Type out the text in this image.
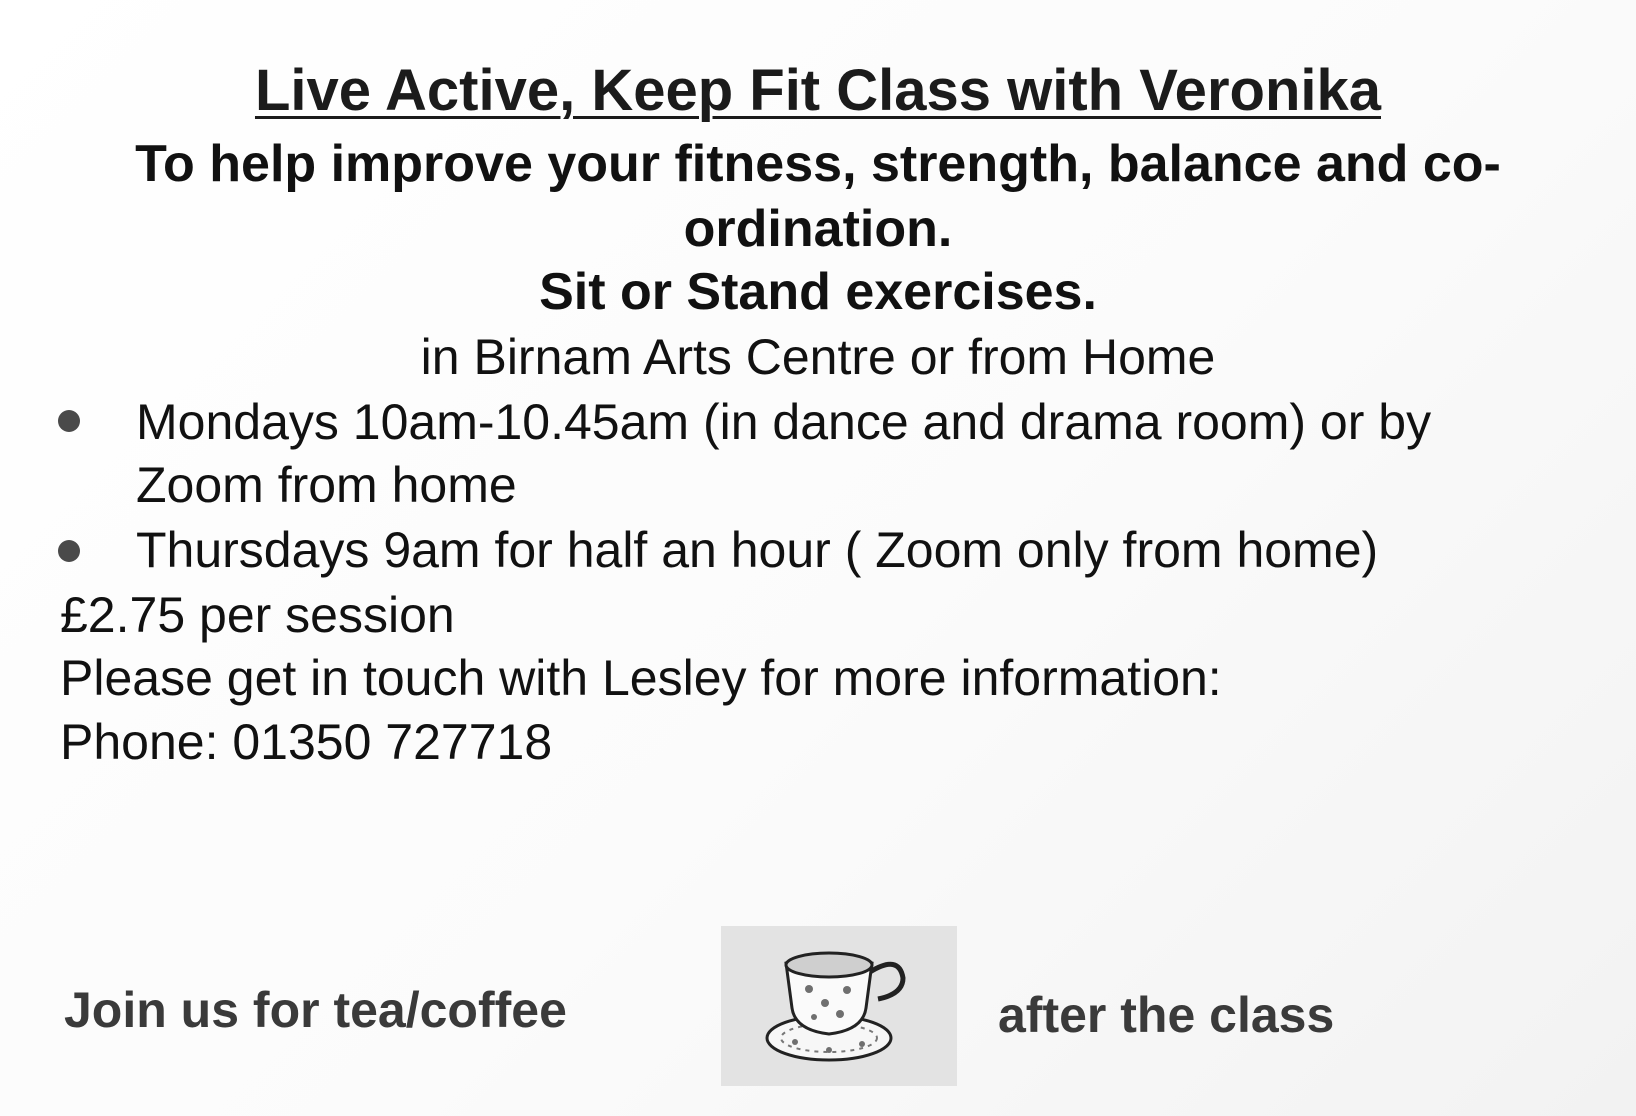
Live Active, Keep Fit Class with Veronika
To help improve your fitness, strength, balance and co-
ordination.
Sit or Stand exercises.
in Birnam Arts Centre or from Home
Mondays 10am-10.45am (in dance and drama room) or by
Zoom from home
Thursdays 9am for half an hour ( Zoom only from home)
£2.75 per session
Please get in touch with Lesley for more information:
Phone: 01350 727718
Join us for tea/coffee	after the class
